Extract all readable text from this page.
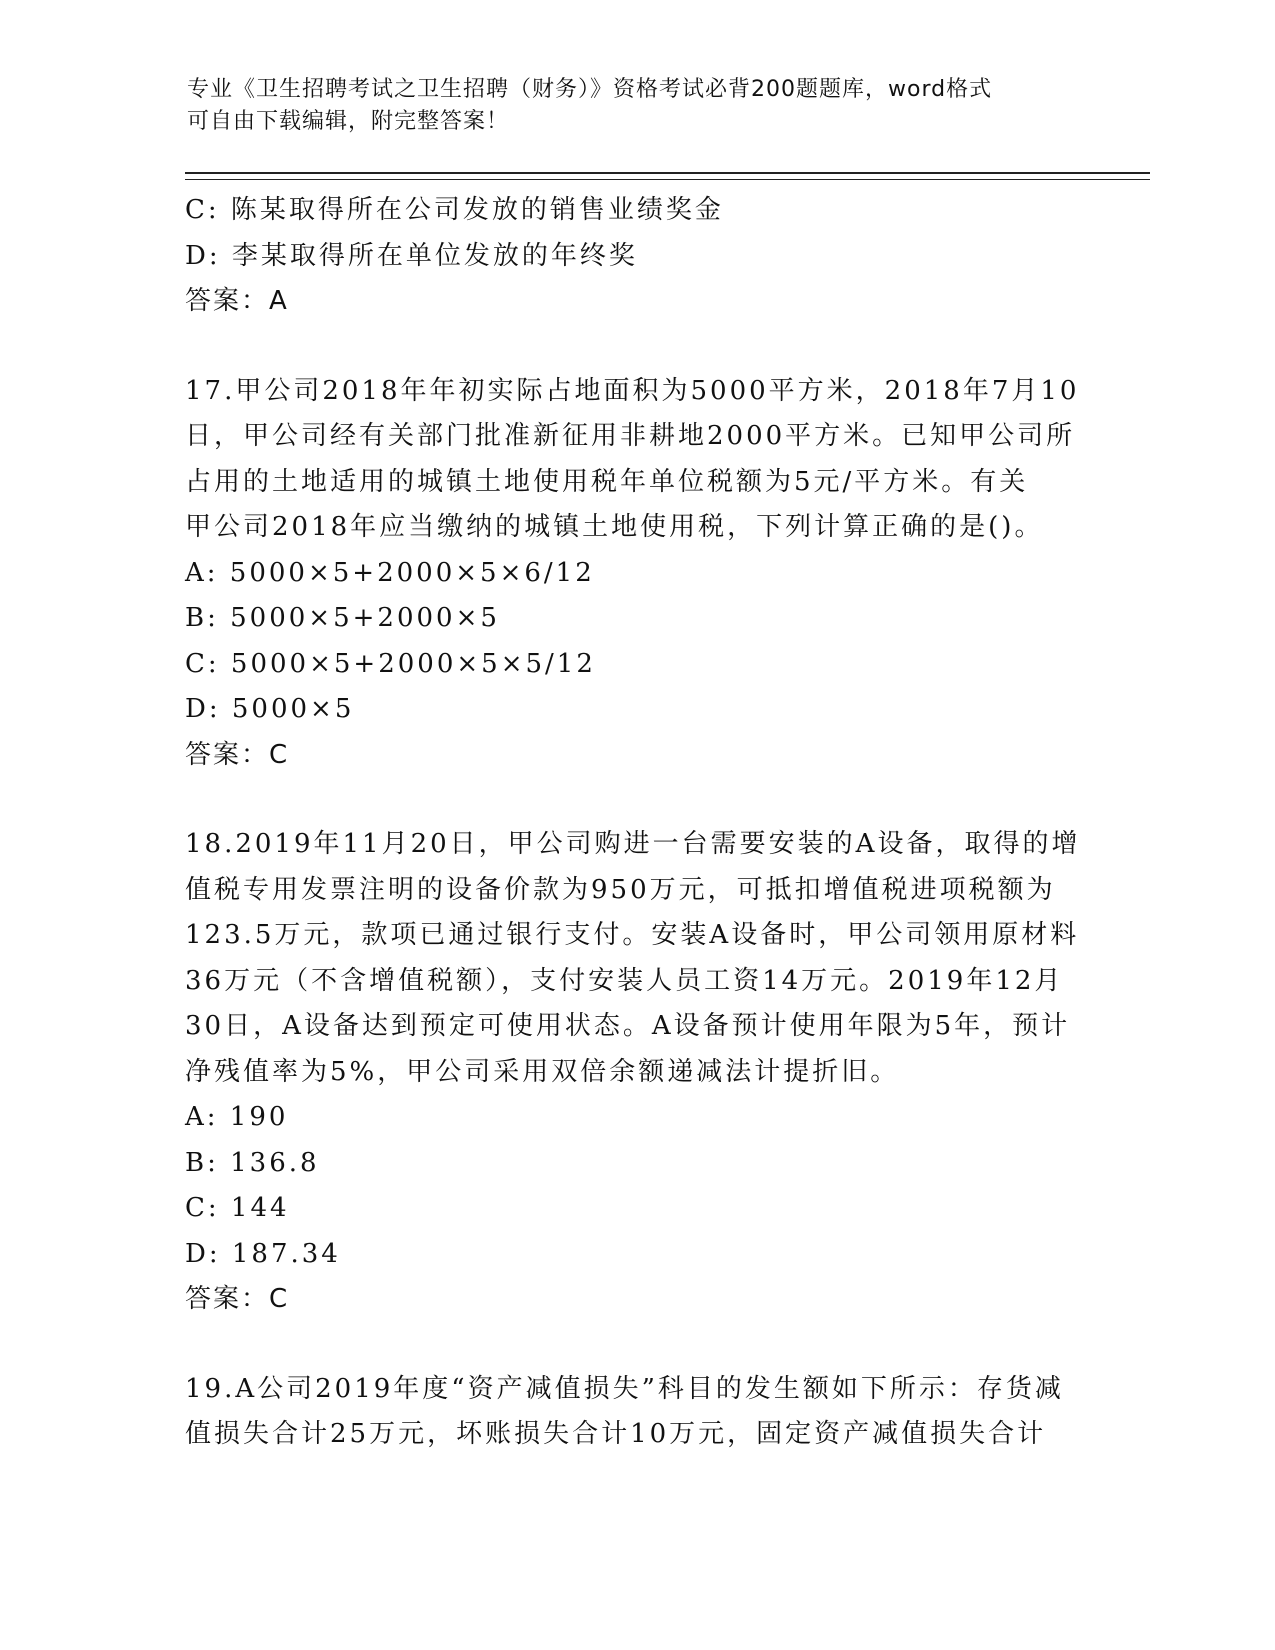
专业《卫生招聘考试之卫生招聘（财务）》资格考试必背200题题库，word格式
可自由下载编辑，附完整答案！
C: 陈某取得所在公司发放的销售业绩奖金
D: 李某取得所在单位发放的年终奖
答案：A
17.甲公司2018年年初实际占地面积为5000平方米，2018年7月10
日，甲公司经有关部门批准新征用非耕地2000平方米。已知甲公司所
占用的土地适用的城镇土地使用税年单位税额为5元/平方米。有关
甲公司2018年应当缴纳的城镇土地使用税，下列计算正确的是()。
A: 5000×5+2000×5×6/12
B: 5000×5+2000×5
C: 5000×5+2000×5×5/12
D: 5000×5
答案：C
18.2019年11月20日，甲公司购进一台需要安装的A设备，取得的增
值税专用发票注明的设备价款为950万元，可抵扣增值税进项税额为
123.5万元，款项已通过银行支付。安装A设备时，甲公司领用原材料
36万元（不含增值税额），支付安装人员工资14万元。2019年12月
30日，A设备达到预定可使用状态。A设备预计使用年限为5年，预计
净残值率为5%，甲公司采用双倍余额递减法计提折旧。
A: 190
B: 136.8
C: 144
D: 187.34
答案：C
19.A公司2019年度“资产减值损失”科目的发生额如下所示：存货减
值损失合计25万元，坏账损失合计10万元，固定资产减值损失合计
